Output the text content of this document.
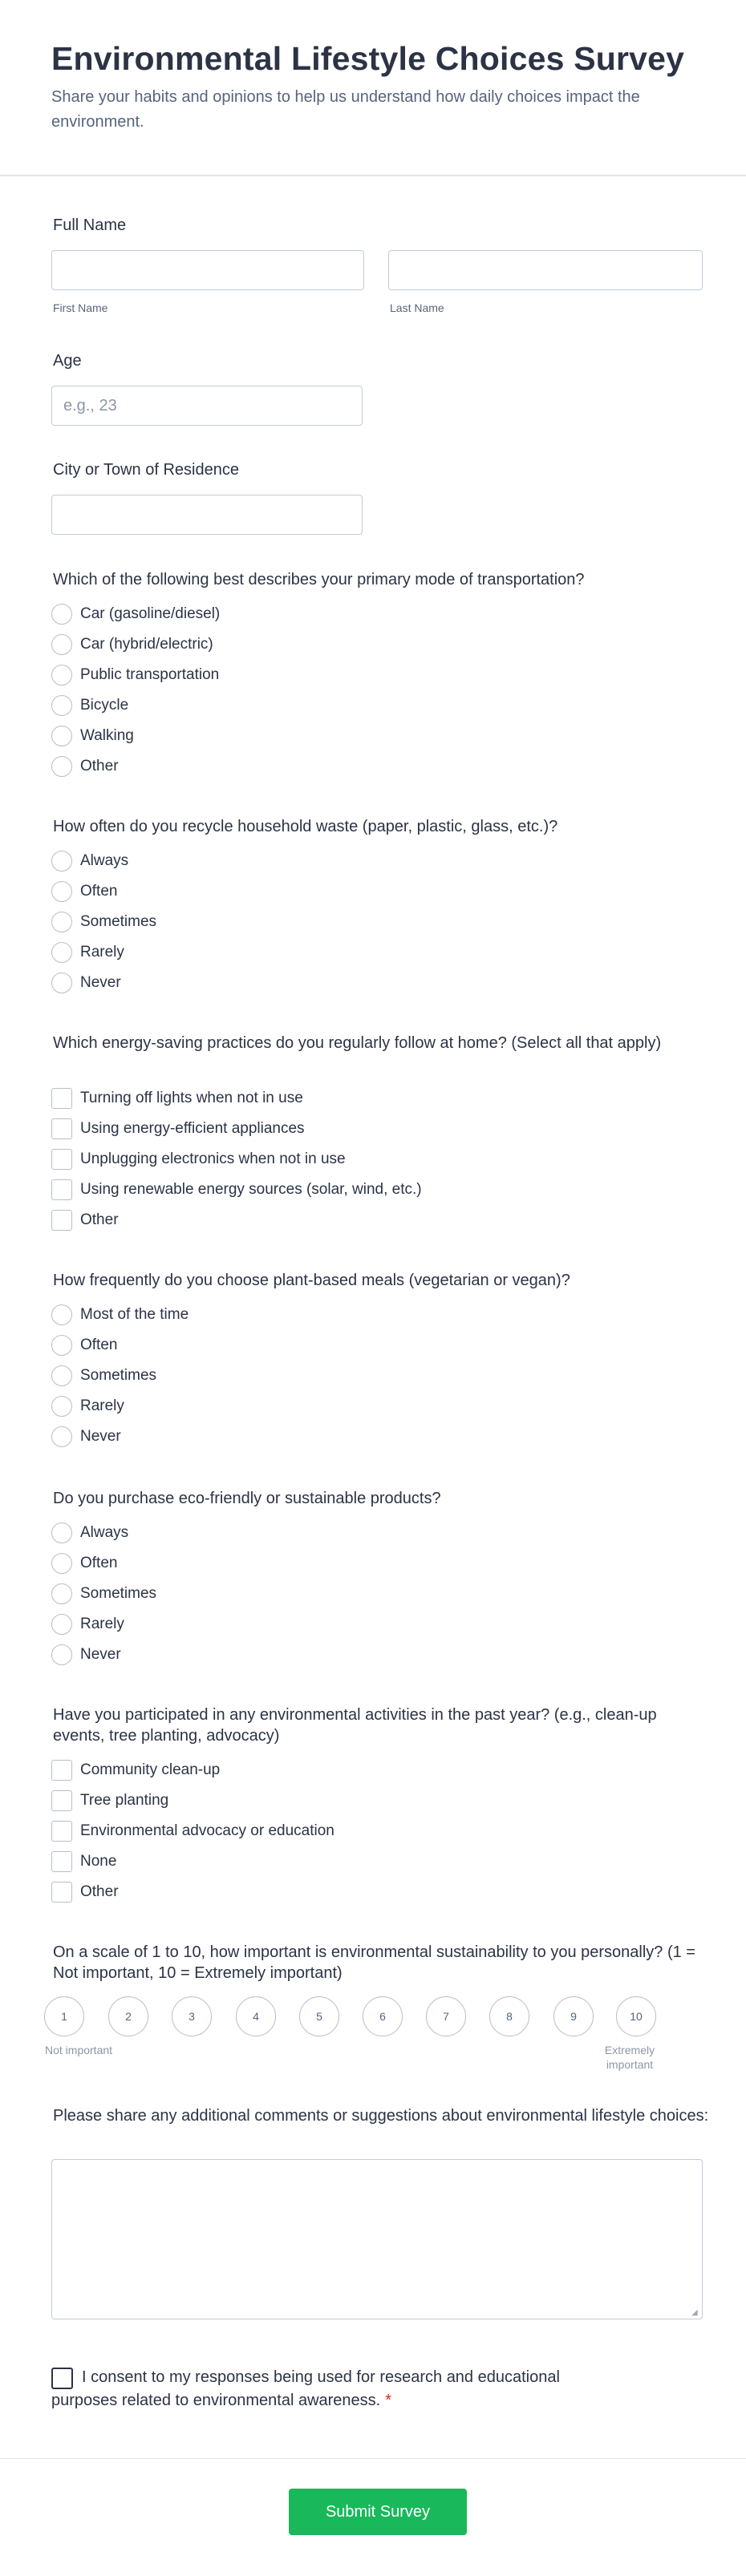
Environmental Lifestyle Choices Survey
Share your habits and opinions to help us understand how daily choices impact the environment.
Full Name
First Name	Last Name
Age
e.g., 23
City or Town of Residence
Which of the following best describes your primary mode of transportation?
Car (gasoline/diesel)
Car (hybrid/electric)
Public transportation
Bicycle
Walking
Other
How often do you recycle household waste (paper, plastic, glass, etc.)?
Always
Often
Sometimes
Rarely
Never
Which energy-saving practices do you regularly follow at home? (Select all that apply)
Turning off lights when not in use
Using energy-efficient appliances
Unplugging electronics when not in use
Using renewable energy sources (solar, wind, etc.)
Other
How frequently do you choose plant-based meals (vegetarian or vegan)?
Most of the time
Often
Sometimes
Rarely
Never
Do you purchase eco-friendly or sustainable products?
Always
Often
Sometimes
Rarely
Never
Have you participated in any environmental activities in the past year? (e.g., clean-up events, tree planting, advocacy)
Community clean-up
Tree planting
Environmental advocacy or education
None
Other
On a scale of 1 to 10, how important is environmental sustainability to you personally? (1 = Not important, 10 = Extremely important)
1	2	3	4	5	6	7	8	9	10
Not important	Extremely important
Please share any additional comments or suggestions about environmental lifestyle choices:
◢
I consent to my responses being used for research and educational purposes related to environmental awareness. *
Submit Survey
